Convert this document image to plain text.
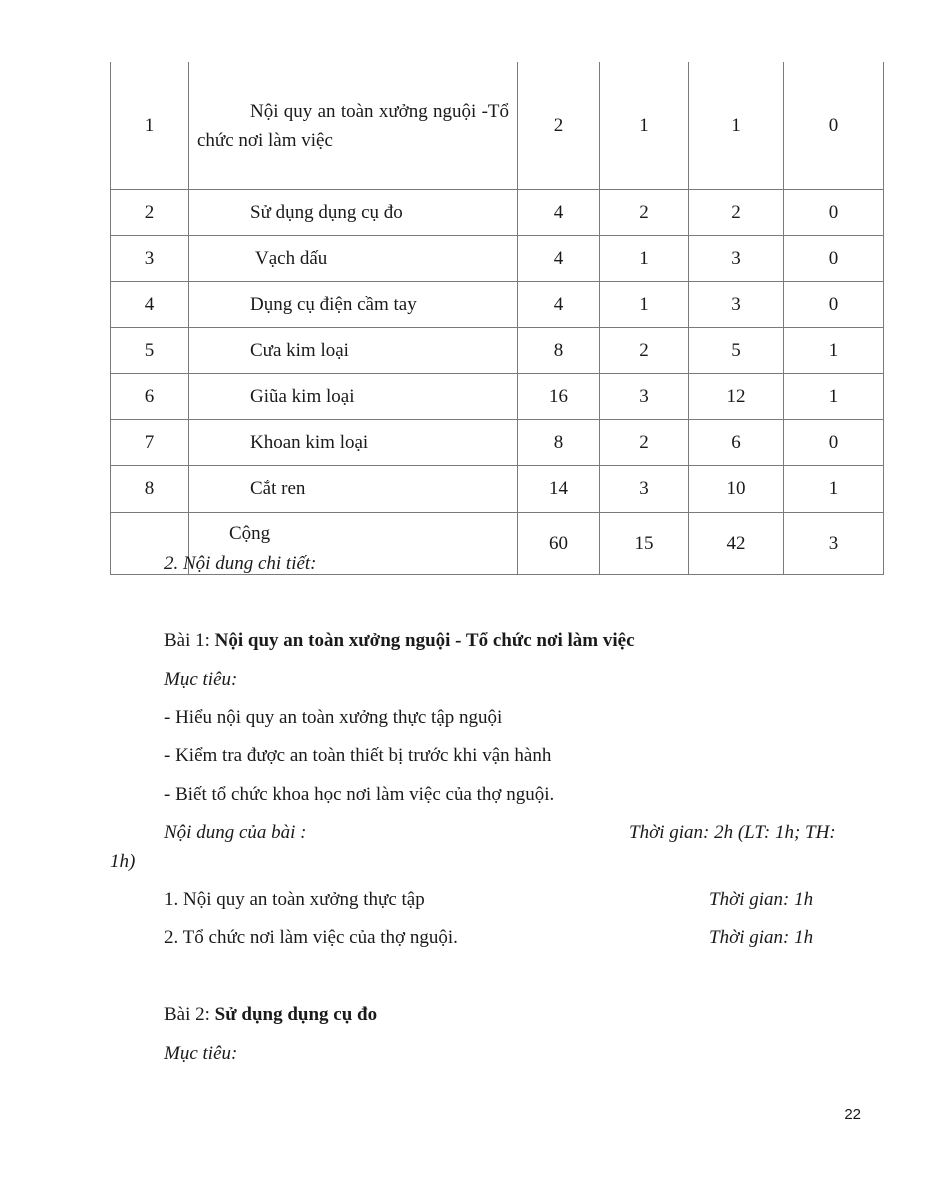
1	Nội quy an toàn xưởng nguội -Tổ chức nơi làm việc	2	1	1	0
2	Sử dụng dụng cụ đo	4	2	2	0
3	Vạch dấu	4	1	3	0
4	Dụng cụ điện cầm tay	4	1	3	0
5	Cưa kim loại	8	2	5	1
6	Giũa kim loại	16	3	12	1
7	Khoan kim loại	8	2	6	0
8	Cắt ren	14	3	10	1
	Cộng	60	15	42	3
2. Nội dung chi tiết:
Bài 1: Nội quy an toàn xưởng nguội - Tổ chức nơi làm việc
Mục tiêu:
- Hiểu nội quy an toàn xưởng thực tập nguội
- Kiểm tra được an toàn thiết bị trước khi vận hành
- Biết tổ chức khoa học nơi làm việc của thợ nguội.
Nội dung của bài :	Thời gian: 2h (LT: 1h; TH:
1h)
1. Nội quy an toàn xưởng thực tập	Thời gian: 1h
2. Tổ chức nơi làm việc của thợ nguội.	Thời gian: 1h
Bài 2: Sử dụng dụng cụ đo
Mục tiêu:
22
